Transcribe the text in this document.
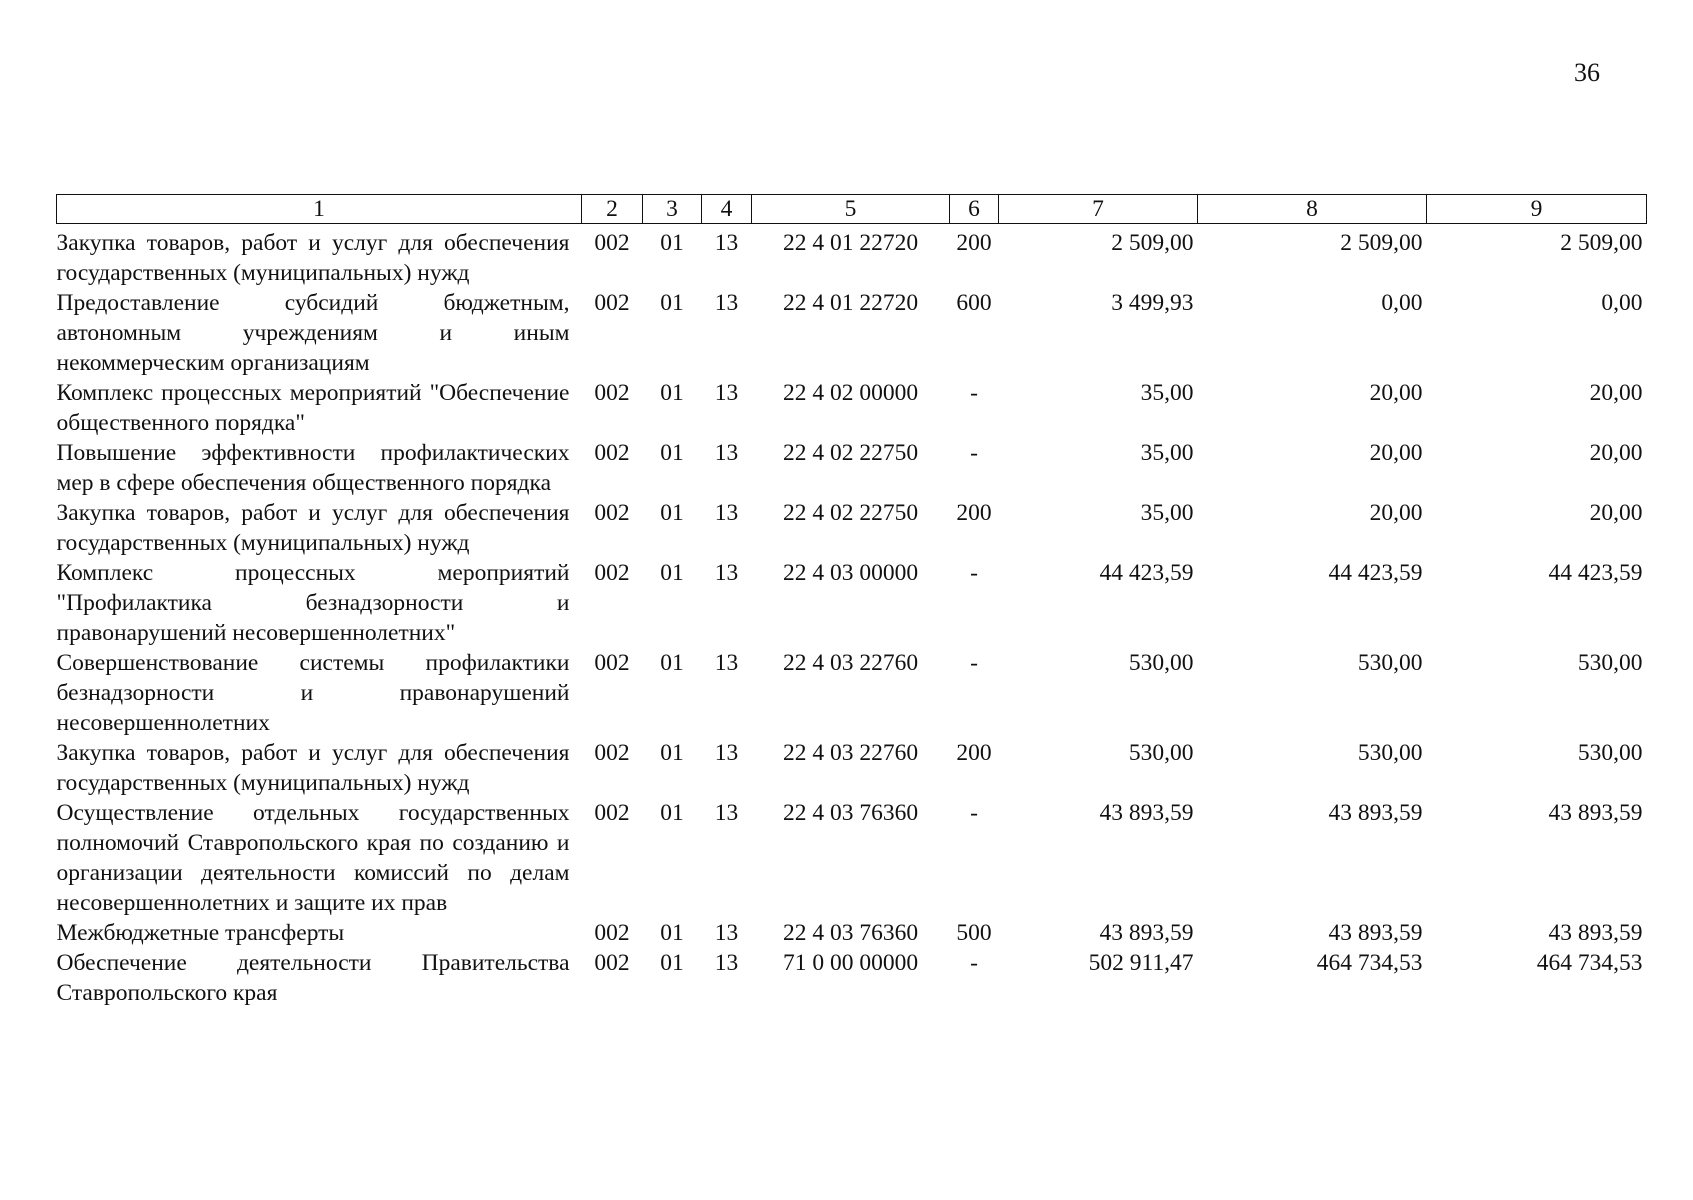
36
1	2	3	4	5	6	7	8	9
Закупка товаров, работ и услуг для обеспечения государственных (муниципальных) нужд	002	01	13	22 4 01 22720	200	2 509,00	2 509,00	2 509,00
Предоставление субсидий бюджетным, автономным учреждениям и иным некоммерческим организациям	002	01	13	22 4 01 22720	600	3 499,93	0,00	0,00
Комплекс процессных мероприятий "Обеспечение общественного порядка"	002	01	13	22 4 02 00000	-	35,00	20,00	20,00
Повышение эффективности профилактических мер в сфере обеспечения общественного порядка	002	01	13	22 4 02 22750	-	35,00	20,00	20,00
Закупка товаров, работ и услуг для обеспечения государственных (муниципальных) нужд	002	01	13	22 4 02 22750	200	35,00	20,00	20,00
Комплекс процессных мероприятий "Профилактика безнадзорности и правонарушений несовершеннолетних"	002	01	13	22 4 03 00000	-	44 423,59	44 423,59	44 423,59
Совершенствование системы профилактики безнадзорности и правонарушений несовершеннолетних	002	01	13	22 4 03 22760	-	530,00	530,00	530,00
Закупка товаров, работ и услуг для обеспечения государственных (муниципальных) нужд	002	01	13	22 4 03 22760	200	530,00	530,00	530,00
Осуществление отдельных государственных полномочий Ставропольского края по созданию и организации деятельности комиссий по делам несовершеннолетних и защите их прав	002	01	13	22 4 03 76360	-	43 893,59	43 893,59	43 893,59
Межбюджетные трансферты	002	01	13	22 4 03 76360	500	43 893,59	43 893,59	43 893,59
Обеспечение деятельности Правительства Ставропольского края	002	01	13	71 0 00 00000	-	502 911,47	464 734,53	464 734,53
